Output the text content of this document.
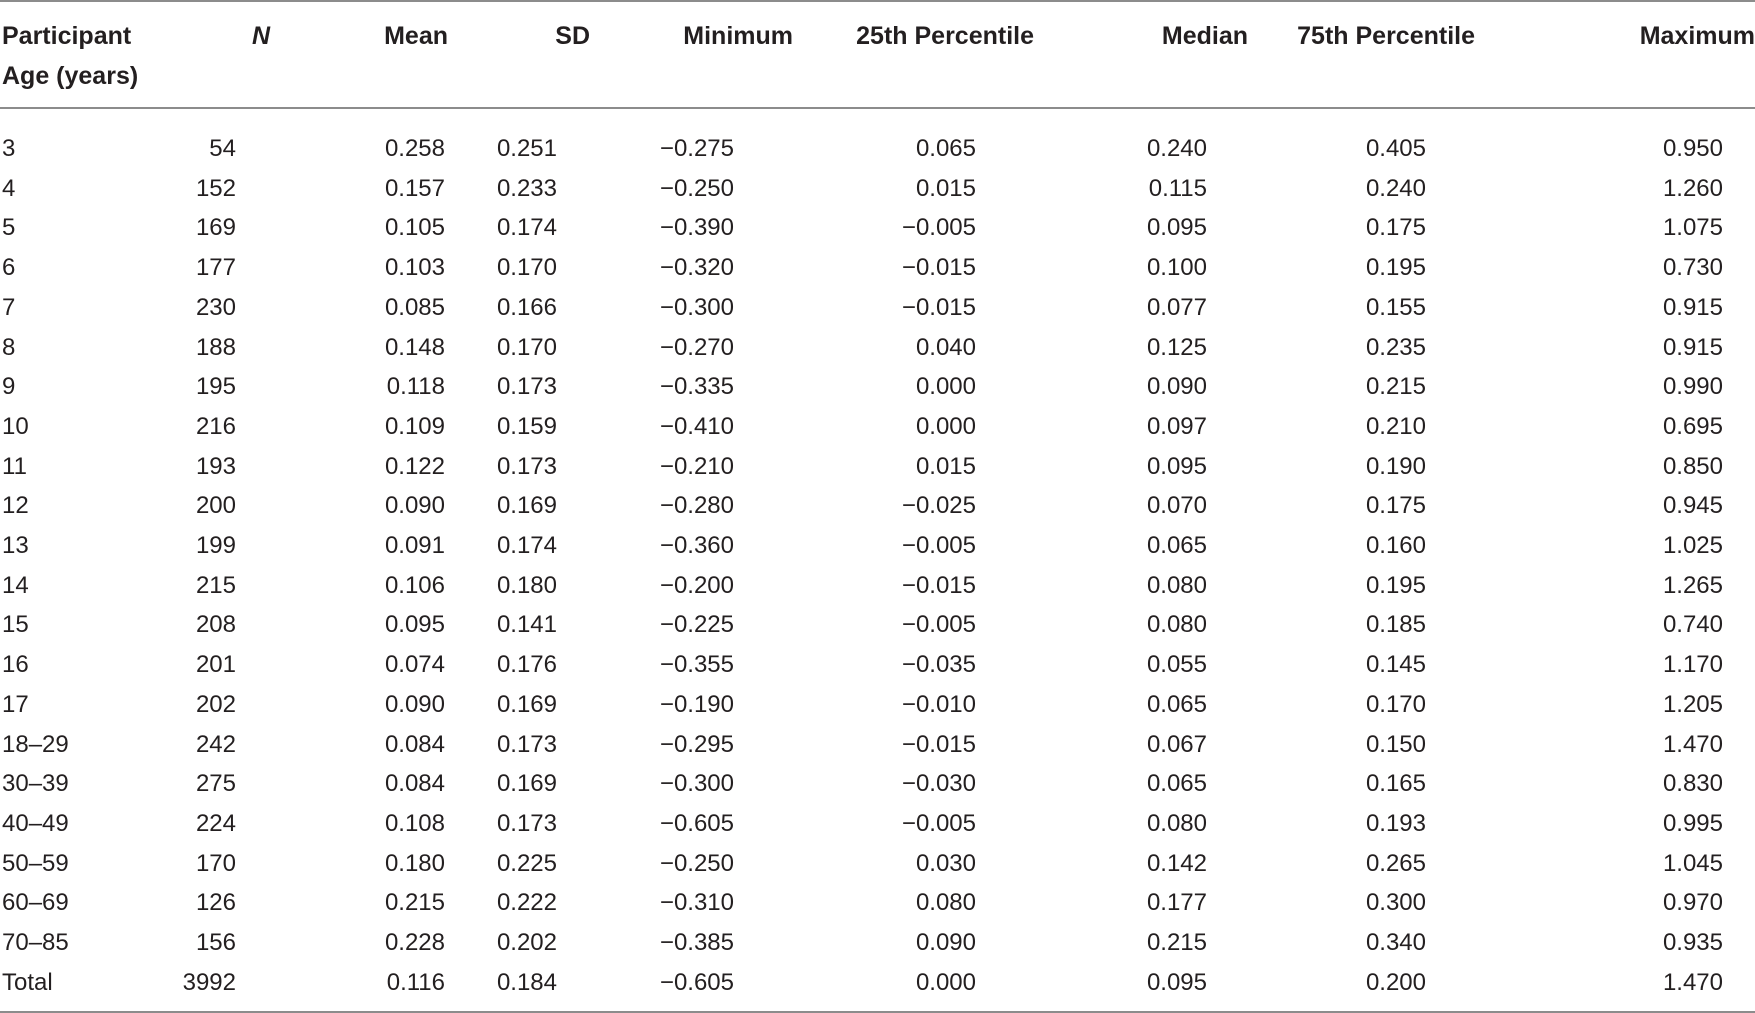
Participant Age (years)	N	Mean	SD	Minimum	25th Percentile	Median	75th Percentile	Maximum
3	54	0.258	0.251	−0.275	0.065	0.240	0.405	0.950
4	152	0.157	0.233	−0.250	0.015	0.115	0.240	1.260
5	169	0.105	0.174	−0.390	−0.005	0.095	0.175	1.075
6	177	0.103	0.170	−0.320	−0.015	0.100	0.195	0.730
7	230	0.085	0.166	−0.300	−0.015	0.077	0.155	0.915
8	188	0.148	0.170	−0.270	0.040	0.125	0.235	0.915
9	195	0.118	0.173	−0.335	0.000	0.090	0.215	0.990
10	216	0.109	0.159	−0.410	0.000	0.097	0.210	0.695
11	193	0.122	0.173	−0.210	0.015	0.095	0.190	0.850
12	200	0.090	0.169	−0.280	−0.025	0.070	0.175	0.945
13	199	0.091	0.174	−0.360	−0.005	0.065	0.160	1.025
14	215	0.106	0.180	−0.200	−0.015	0.080	0.195	1.265
15	208	0.095	0.141	−0.225	−0.005	0.080	0.185	0.740
16	201	0.074	0.176	−0.355	−0.035	0.055	0.145	1.170
17	202	0.090	0.169	−0.190	−0.010	0.065	0.170	1.205
18–29	242	0.084	0.173	−0.295	−0.015	0.067	0.150	1.470
30–39	275	0.084	0.169	−0.300	−0.030	0.065	0.165	0.830
40–49	224	0.108	0.173	−0.605	−0.005	0.080	0.193	0.995
50–59	170	0.180	0.225	−0.250	0.030	0.142	0.265	1.045
60–69	126	0.215	0.222	−0.310	0.080	0.177	0.300	0.970
70–85	156	0.228	0.202	−0.385	0.090	0.215	0.340	0.935
Total	3992	0.116	0.184	−0.605	0.000	0.095	0.200	1.470
